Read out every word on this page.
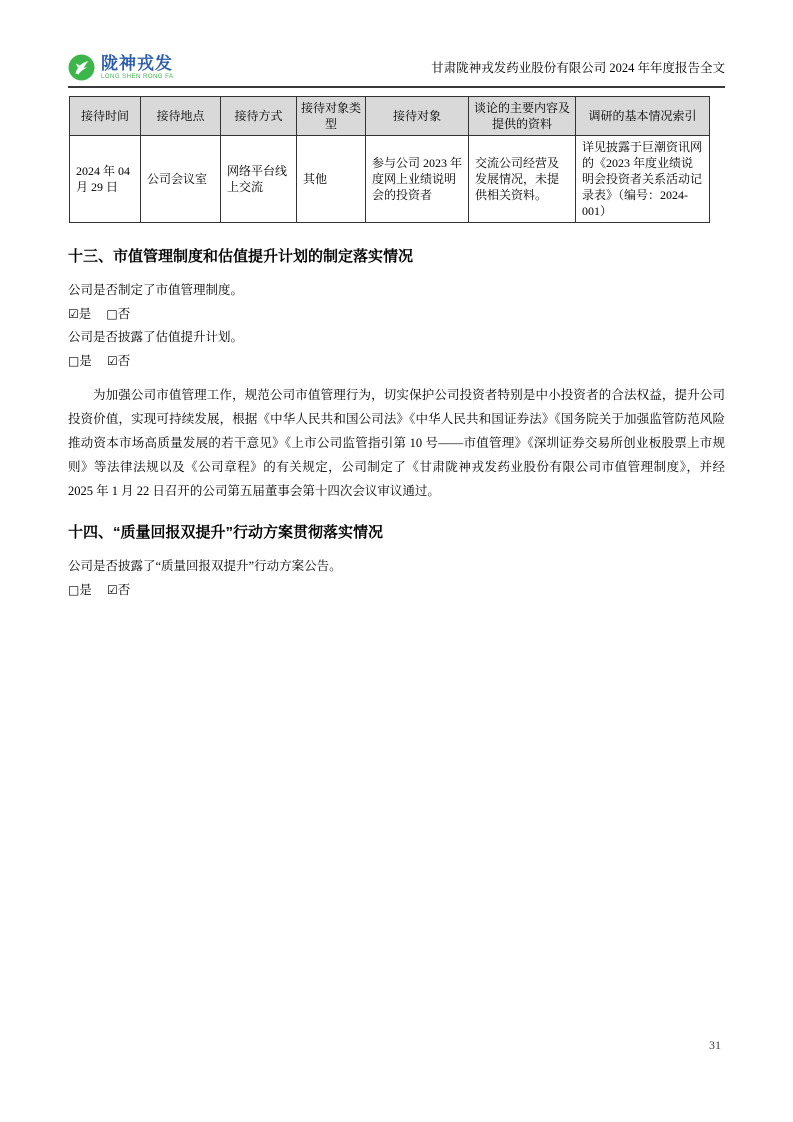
陇神戎发
LONG SHEN RONG FA
甘肃陇神戎发药业股份有限公司 2024 年年度报告全文
接待时间	接待地点	接待方式	接待对象类型	接待对象	谈论的主要内容及提供的资料	调研的基本情况索引
2024 年 04 月 29 日	公司会议室	网络平台线上交流	其他	参与公司 2023 年度网上业绩说明会的投资者	交流公司经营及发展情况，未提供相关资料。	详见披露于巨潮资讯网的《2023 年度业绩说明会投资者关系活动记录表》（编号：2024-001）
十三、市值管理制度和估值提升计划的制定落实情况

公司是否制定了市值管理制度。

☑是 □否

公司是否披露了估值提升计划。

□是 ☑否

为加强公司市值管理工作，规范公司市值管理行为，切实保护公司投资者特别是中小投资者的合法权益，提升公司投资价值，实现可持续发展，根据《中华人民共和国公司法》《中华人民共和国证券法》《国务院关于加强监管防范风险推动资本市场高质量发展的若干意见》《上市公司监管指引第 10 号——市值管理》《深圳证券交易所创业板股票上市规则》等法律法规以及《公司章程》的有关规定，公司制定了《甘肃陇神戎发药业股份有限公司市值管理制度》，并经 2025 年 1 月 22 日召开的公司第五届董事会第十四次会议审议通过。

十四、“质量回报双提升”行动方案贯彻落实情况

公司是否披露了“质量回报双提升”行动方案公告。

□是 ☑否

31
